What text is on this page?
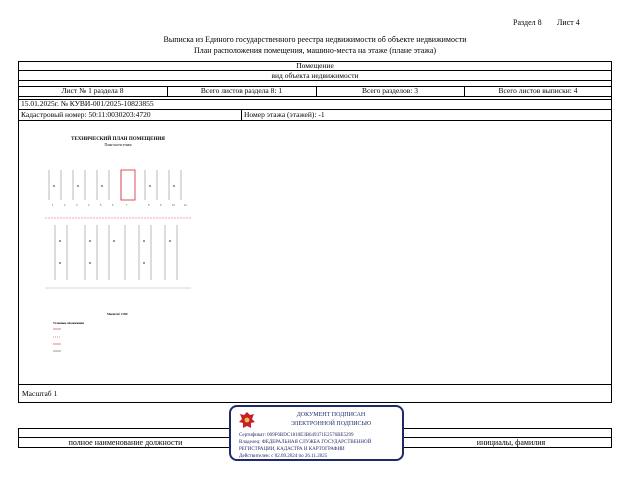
Раздел 8 Лист 4
Выписка из Единого государственного реестра недвижимости об объекте недвижимости
План расположения помещения, машино-места на этаже (плане этажа)
Помещение
вид объекта недвижимости
Лист № 1 раздела 8	Всего листов раздела 8: 1	Всего разделов: 3	Всего листов выписки: 4
15.01.2025г. № КУВИ-001/2025-10823855
Кадастровый номер: 50:11:0030203:4720	Номер этажа (этажей): -1
Масштаб 1
ТЕХНИЧЕСКИЙ ПЛАН ПОМЕЩЕНИЯ
План части этажа
1	2	3	4	5	6	7	8	9	10	11
Масштаб 1:200
Условные обозначения
полное наименование должности	инициалы, фамилия
ДОКУМЕНТ ПОДПИСАН
ЭЛЕКТРОННОЙ ПОДПИСЬЮ
Сертификат: 009F6BDC1810E3B649371E2576BE5299
Владелец: ФЕДЕРАЛЬНАЯ СЛУЖБА ГОСУДАРСТВЕННОЙ
РЕГИСТРАЦИИ, КАДАСТРА И КАРТОГРАФИИ
Действителен: с 02.09.2024 по 26.11.2025
